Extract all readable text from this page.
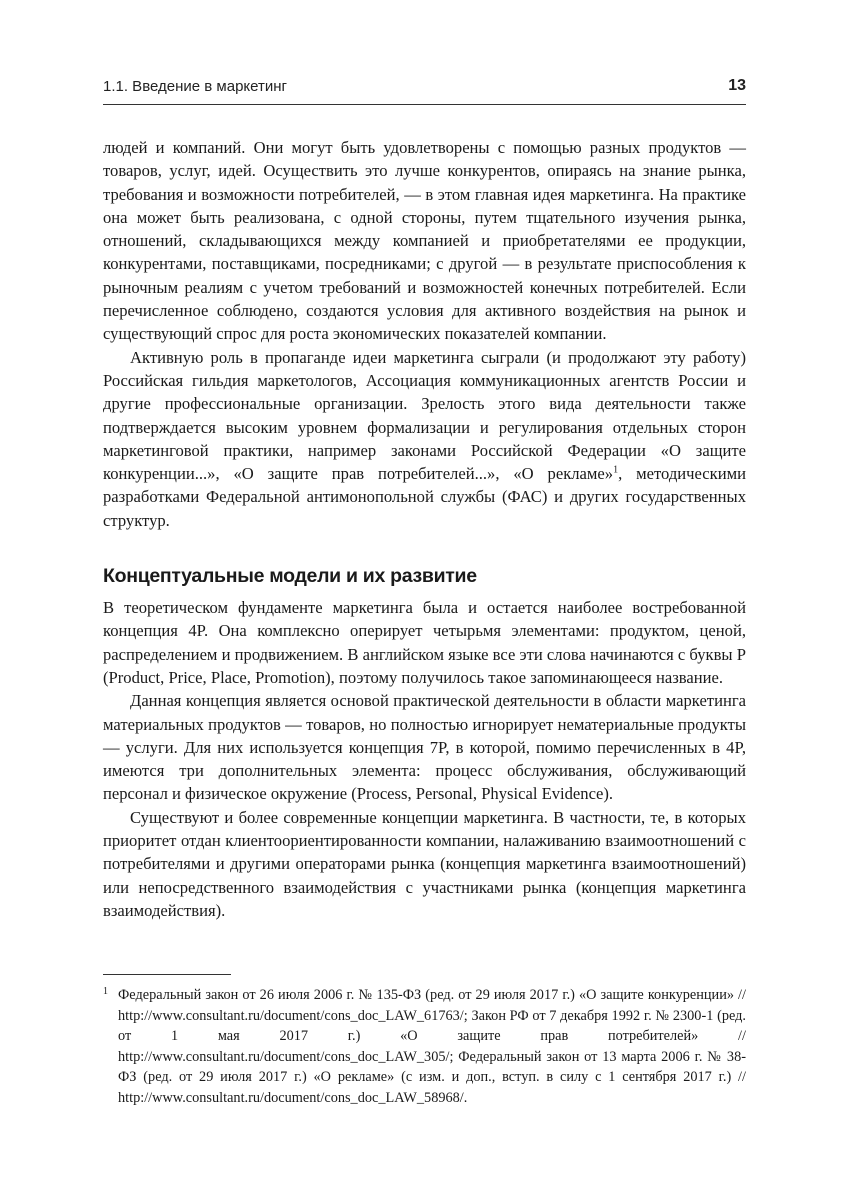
1.1. Введение в маркетинг	13

людей и компаний. Они могут быть удовлетворены с помощью разных продуктов — товаров, услуг, идей. Осуществить это лучше конкурентов, опираясь на знание рынка, требования и возможности потребителей, — в этом главная идея маркетинга. На практике она может быть реализована, с одной стороны, путем тщательного изучения рынка, отношений, складывающихся между компанией и приобретателями ее продукции, конкурентами, поставщиками, посредниками; с другой — в результате приспособления к рыночным реалиям с учетом требований и возможностей конечных потребителей. Если перечисленное соблюдено, создаются условия для активного воздействия на рынок и существующий спрос для роста экономических показателей компании.

Активную роль в пропаганде идеи маркетинга сыграли (и продолжают эту работу) Российская гильдия маркетологов, Ассоциация коммуникационных агентств России и другие профессиональные организации. Зрелость этого вида деятельности также подтверждается высоким уровнем формализации и регулирования отдельных сторон маркетинговой практики, например законами Российской Федерации «О защите конкуренции...», «О защите прав потребителей...», «О рекламе»$^1$, методическими разработками Федеральной антимонопольной службы (ФАС) и других государственных структур.

Концептуальные модели и их развитие

В теоретическом фундаменте маркетинга была и остается наиболее востребованной концепция 4P. Она комплексно оперирует четырьмя элементами: продуктом, ценой, распределением и продвижением. В английском языке все эти слова начинаются с буквы P (Product, Price, Place, Promotion), поэтому получилось такое запоминающееся название.

Данная концепция является основой практической деятельности в области маркетинга материальных продуктов — товаров, но полностью игнорирует нематериальные продукты — услуги. Для них используется концепция 7P, в которой, помимо перечисленных в 4P, имеются три дополнительных элемента: процесс обслуживания, обслуживающий персонал и физическое окружение (Process, Personal, Physical Evidence).

Существуют и более современные концепции маркетинга. В частности, те, в которых приоритет отдан клиентоориентированности компании, налаживанию взаимоотношений с потребителями и другими операторами рынка (концепция маркетинга взаимоотношений) или непосредственного взаимодействия с участниками рынка (концепция маркетинга взаимодействия).

1 Федеральный закон от 26 июля 2006 г. № 135-ФЗ (ред. от 29 июля 2017 г.) «О защите конкуренции» // http://www.consultant.ru/document/cons_doc_LAW_61763/; Закон РФ от 7 декабря 1992 г. № 2300-1 (ред. от 1 мая 2017 г.) «О защите прав потребителей» // http://www.consultant.ru/document/cons_doc_LAW_305/; Федеральный закон от 13 марта 2006 г. № 38-ФЗ (ред. от 29 июля 2017 г.) «О рекламе» (с изм. и доп., вступ. в силу с 1 сентября 2017 г.) // http://www.consultant.ru/document/cons_doc_LAW_58968/.
